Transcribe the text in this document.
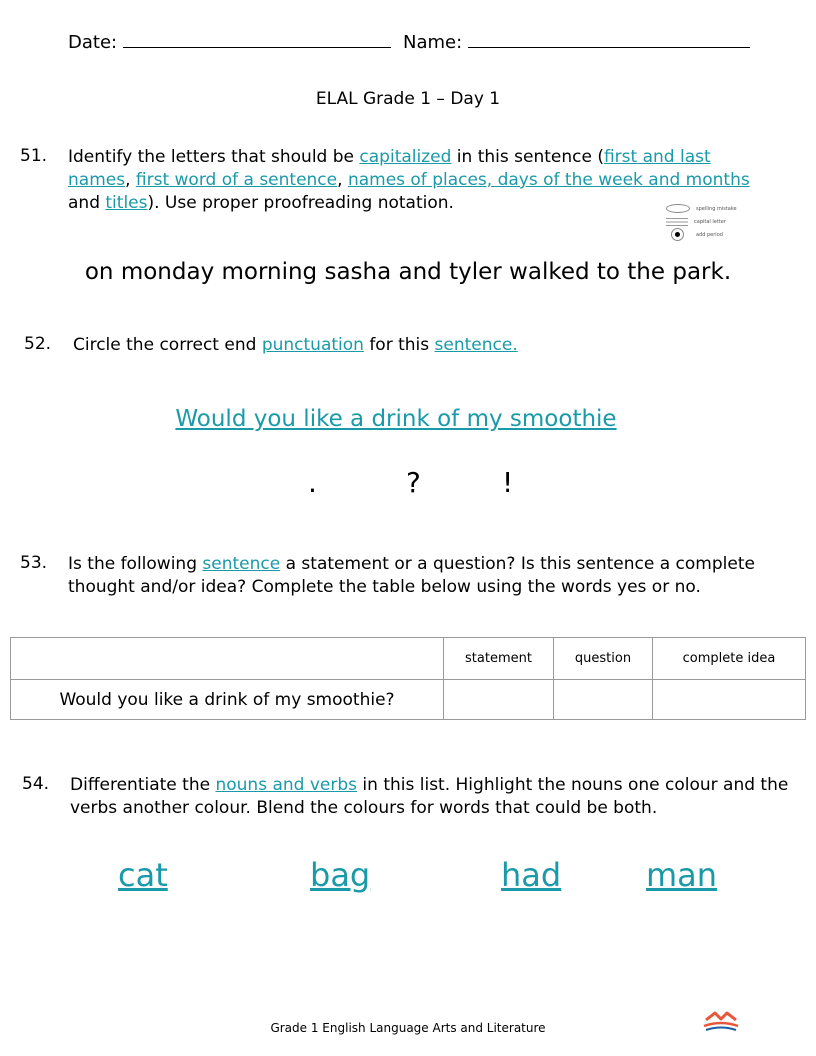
Date:	Name:
ELAL Grade 1 – Day 1
51. Identify the letters that should be capitalized in this sentence (first and last names, first word of a sentence, names of places, days of the week and months
and titles). Use proper proofreading notation.	spelling mistake
capital letter
add period
on monday morning sasha and tyler walked to the park.
52. Circle the correct end punctuation for this sentence.
Would you like a drink of my smoothie
.	?	!
53. Is the following sentence a statement or a question? Is this sentence a complete thought and/or idea? Complete the table below using the words yes or no.
	statement	question	complete idea
Would you like a drink of my smoothie?			
54. Differentiate the nouns and verbs in this list. Highlight the nouns one colour and the verbs another colour. Blend the colours for words that could be both.
cat	bag	had	man
Grade 1 English Language Arts and Literature
